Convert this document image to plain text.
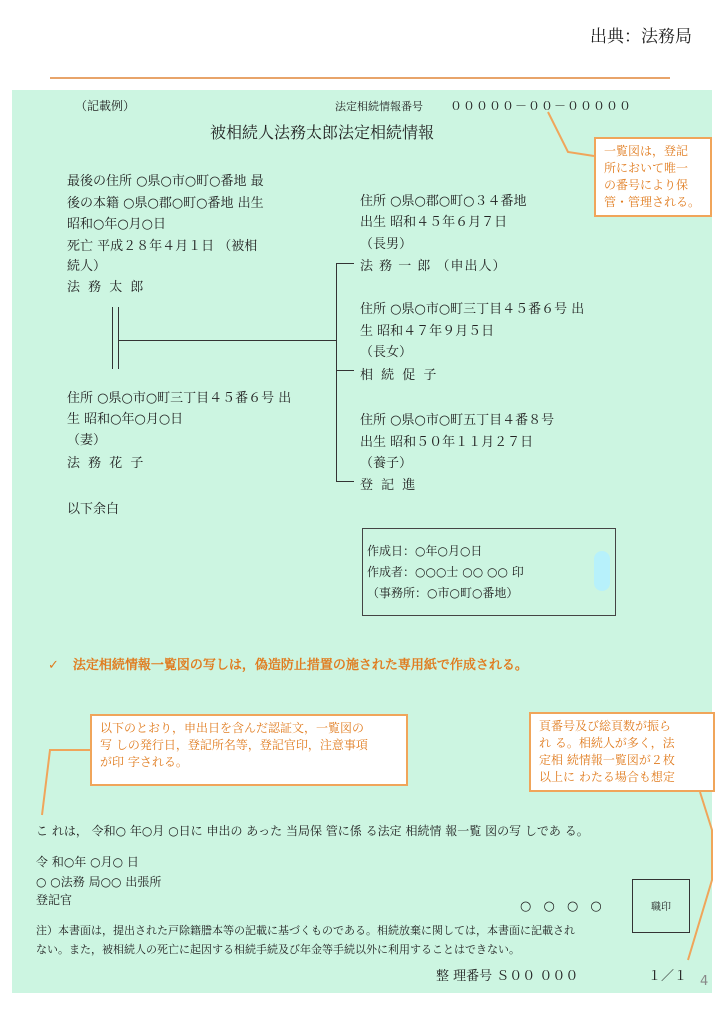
出典：法務局
（記載例）	法定相続情報番号 ０００００－００－０００００
被相続人法務太郎法定相続情報
最後の住所 ○県○市○町○番地 最
後の本籍 ○県○郡○町○番地 出生
昭和○年○月○日
死亡 平成２８年４月１日 （被相
続人）
法 務 太 郎
住所 ○県○市○町三丁目４５番６号 出
生 昭和○年○月○日
（妻）
法 務 花 子
以下余白
住所 ○県○郡○町○３４番地
出生 昭和４５年６月７日
（長男）
法 務 一 郎 （申出人）
住所 ○県○市○町三丁目４５番６号 出
生 昭和４７年９月５日
（長女）
相 続 促 子
住所 ○県○市○町五丁目４番８号
出生 昭和５０年１１月２７日
（養子）
登 記 進
作成日：○年○月○日
作成者：○○○士 ○○ ○○ 印
（事務所：○市○町○番地）
一覧図は，登記
所において唯一
の番号により保
管・管理される。
✓ 法定相続情報一覧図の写しは，偽造防止措置の施された専用紙で作成される。
以下のとおり，申出日を含んだ認証文，一覧図の
写 しの発行日，登記所名等，登記官印，注意事項
が印 字される。
頁番号及び総頁数が振ら
れ る。相続人が多く，法
定相 続情報一覧図が２枚
以上に わたる場合も想定
こ れは， 令和○ 年○月 ○日に 申出の あった 当局保 管に係 る法定 相続情 報一覧 図の写 しであ る。
令 和○年 ○月○ 日
○ ○法務 局○○ 出張所
登記官	○ ○ ○ ○	職印
注）本書面は，提出された戸除籍謄本等の記載に基づくものである。相続放棄に関しては，本書面に記載され
ない。また，被相続人の死亡に起因する相続手続及び年金等手続以外に利用することはできない。
整 理番号 Ｓ００ ０００	１／１ 4
